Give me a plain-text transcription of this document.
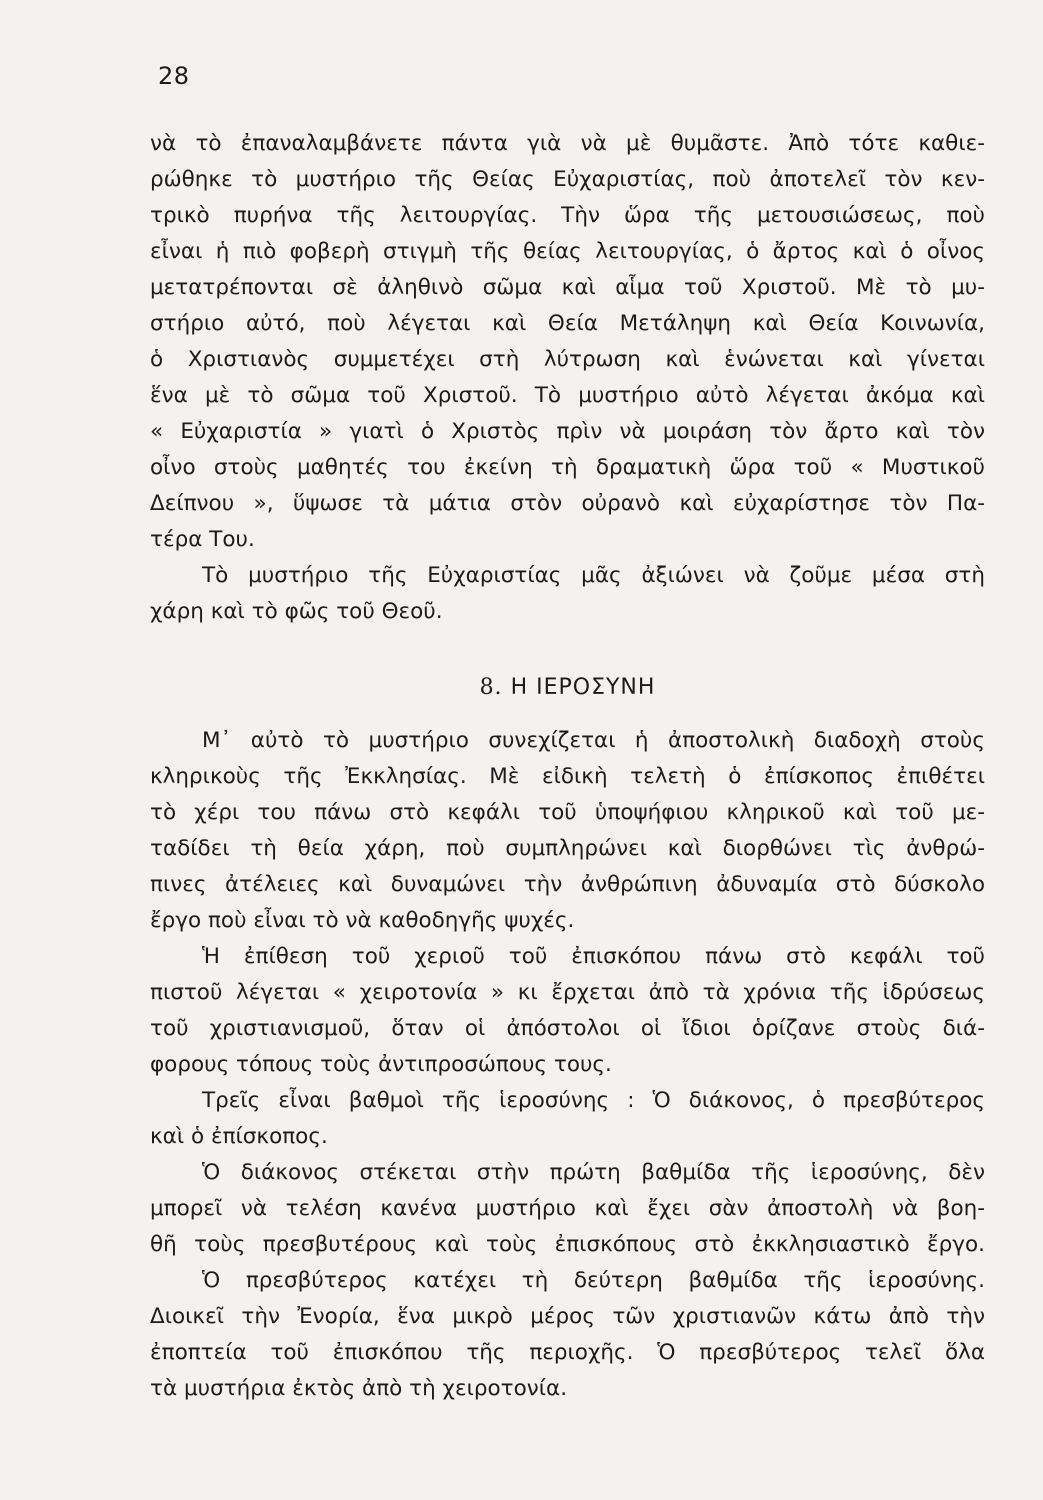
28
νὰ τὸ ἐπαναλαμβάνετε πάντα γιὰ νὰ μὲ θυμᾶστε. Ἀπὸ τότε καθιε-
ρώθηκε τὸ μυστήριο τῆς Θείας Εὐχαριστίας, ποὺ ἀποτελεῖ τὸν κεν-
τρικὸ πυρήνα τῆς λειτουργίας. Τὴν ὥρα τῆς μετουσιώσεως, ποὺ
εἶναι ἡ πιὸ φοβερὴ στιγμὴ τῆς θείας λειτουργίας, ὁ ἄρτος καὶ ὁ οἶνος
μετατρέπονται σὲ ἀληθινὸ σῶμα καὶ αἷμα τοῦ Χριστοῦ. Μὲ τὸ μυ-
στήριο αὐτό, ποὺ λέγεται καὶ Θεία Μετάληψη καὶ Θεία Κοινωνία,
ὁ Χριστιανὸς συμμετέχει στὴ λύτρωση καὶ ἑνώνεται καὶ γίνεται
ἕνα μὲ τὸ σῶμα τοῦ Χριστοῦ. Τὸ μυστήριο αὐτὸ λέγεται ἀκόμα καὶ
« Εὐχαριστία » γιατὶ ὁ Χριστὸς πρὶν νὰ μοιράση τὸν ἄρτο καὶ τὸν
οἶνο στοὺς μαθητές του ἐκείνη τὴ δραματικὴ ὥρα τοῦ « Μυστικοῦ
Δείπνου », ὕψωσε τὰ μάτια στὸν οὐρανὸ καὶ εὐχαρίστησε τὸν Πα-
τέρα Του.
Τὸ μυστήριο τῆς Εὐχαριστίας μᾶς ἀξιώνει νὰ ζοῦμε μέσα στὴ
χάρη καὶ τὸ φῶς τοῦ Θεοῦ.
8. Η ΙΕΡΟΣΥΝΗ
Μ᾽ αὐτὸ τὸ μυστήριο συνεχίζεται ἡ ἀποστολικὴ διαδοχὴ στοὺς
κληρικοὺς τῆς Ἐκκλησίας. Μὲ εἰδικὴ τελετὴ ὁ ἐπίσκοπος ἐπιθέτει
τὸ χέρι του πάνω στὸ κεφάλι τοῦ ὑποψήφιου κληρικοῦ καὶ τοῦ με-
ταδίδει τὴ θεία χάρη, ποὺ συμπληρώνει καὶ διορθώνει τὶς ἀνθρώ-
πινες ἀτέλειες καὶ δυναμώνει τὴν ἀνθρώπινη ἀδυναμία στὸ δύσκολο
ἔργο ποὺ εἶναι τὸ νὰ καθοδηγῆς ψυχές.
Ἡ ἐπίθεση τοῦ χεριοῦ τοῦ ἐπισκόπου πάνω στὸ κεφάλι τοῦ
πιστοῦ λέγεται « χειροτονία » κι ἔρχεται ἀπὸ τὰ χρόνια τῆς ἱδρύσεως
τοῦ χριστιανισμοῦ, ὅταν οἱ ἀπόστολοι οἱ ἴδιοι ὁρίζανε στοὺς διά-
φορους τόπους τοὺς ἀντιπροσώπους τους.
Τρεῖς εἶναι βαθμοὶ τῆς ἱεροσύνης : Ὁ διάκονος, ὁ πρεσβύτερος
καὶ ὁ ἐπίσκοπος.
Ὁ διάκονος στέκεται στὴν πρώτη βαθμίδα τῆς ἱεροσύνης, δὲν
μπορεῖ νὰ τελέση κανένα μυστήριο καὶ ἔχει σὰν ἀποστολὴ νὰ βοη-
θῆ τοὺς πρεσβυτέρους καὶ τοὺς ἐπισκόπους στὸ ἐκκλησιαστικὸ ἔργο.
Ὁ πρεσβύτερος κατέχει τὴ δεύτερη βαθμίδα τῆς ἱεροσύνης.
Διοικεῖ τὴν Ἐνορία, ἕνα μικρὸ μέρος τῶν χριστιανῶν κάτω ἀπὸ τὴν
ἐποπτεία τοῦ ἐπισκόπου τῆς περιοχῆς. Ὁ πρεσβύτερος τελεῖ ὅλα
τὰ μυστήρια ἐκτὸς ἀπὸ τὴ χειροτονία.
